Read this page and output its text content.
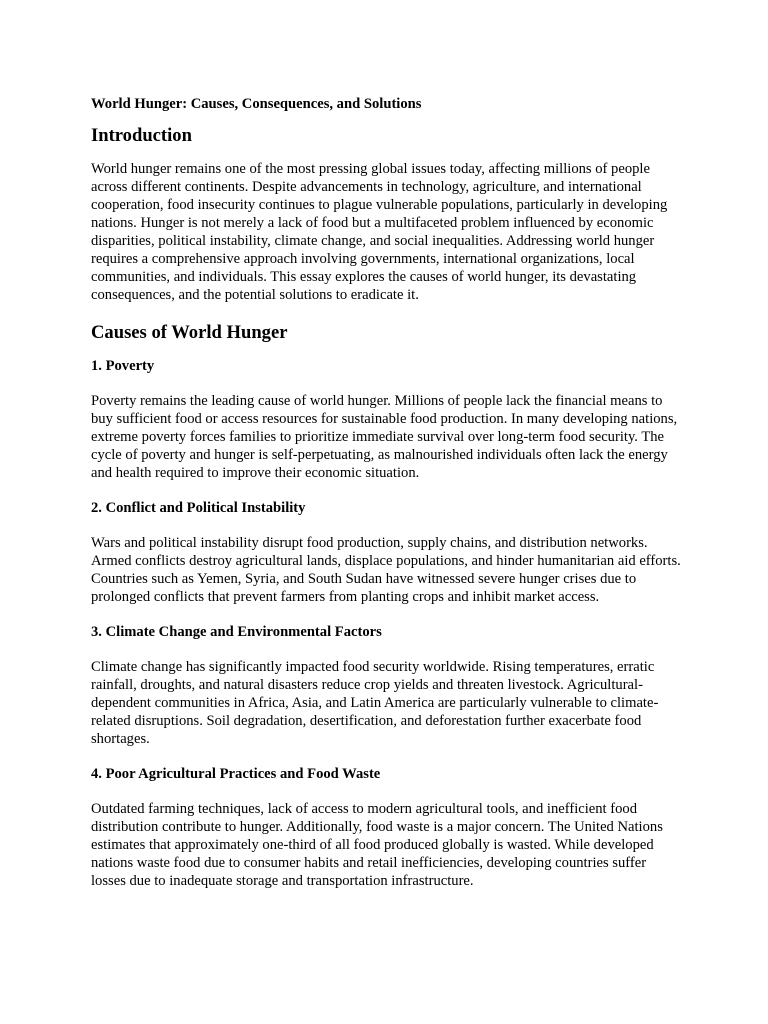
World Hunger: Causes, Consequences, and Solutions
Introduction

World hunger remains one of the most pressing global issues today, affecting millions of people across different continents. Despite advancements in technology, agriculture, and international cooperation, food insecurity continues to plague vulnerable populations, particularly in developing nations. Hunger is not merely a lack of food but a multifaceted problem influenced by economic disparities, political instability, climate change, and social inequalities. Addressing world hunger requires a comprehensive approach involving governments, international organizations, local communities, and individuals. This essay explores the causes of world hunger, its devastating consequences, and the potential solutions to eradicate it.

Causes of World Hunger
1. Poverty

Poverty remains the leading cause of world hunger. Millions of people lack the financial means to buy sufficient food or access resources for sustainable food production. In many developing nations, extreme poverty forces families to prioritize immediate survival over long-term food security. The cycle of poverty and hunger is self-perpetuating, as malnourished individuals often lack the energy and health required to improve their economic situation.

2. Conflict and Political Instability

Wars and political instability disrupt food production, supply chains, and distribution networks. Armed conflicts destroy agricultural lands, displace populations, and hinder humanitarian aid efforts. Countries such as Yemen, Syria, and South Sudan have witnessed severe hunger crises due to prolonged conflicts that prevent farmers from planting crops and inhibit market access.

3. Climate Change and Environmental Factors

Climate change has significantly impacted food security worldwide. Rising temperatures, erratic rainfall, droughts, and natural disasters reduce crop yields and threaten livestock. Agricultural-dependent communities in Africa, Asia, and Latin America are particularly vulnerable to climate-related disruptions. Soil degradation, desertification, and deforestation further exacerbate food shortages.

4. Poor Agricultural Practices and Food Waste

Outdated farming techniques, lack of access to modern agricultural tools, and inefficient food distribution contribute to hunger. Additionally, food waste is a major concern. The United Nations estimates that approximately one-third of all food produced globally is wasted. While developed nations waste food due to consumer habits and retail inefficiencies, developing countries suffer losses due to inadequate storage and transportation infrastructure.
